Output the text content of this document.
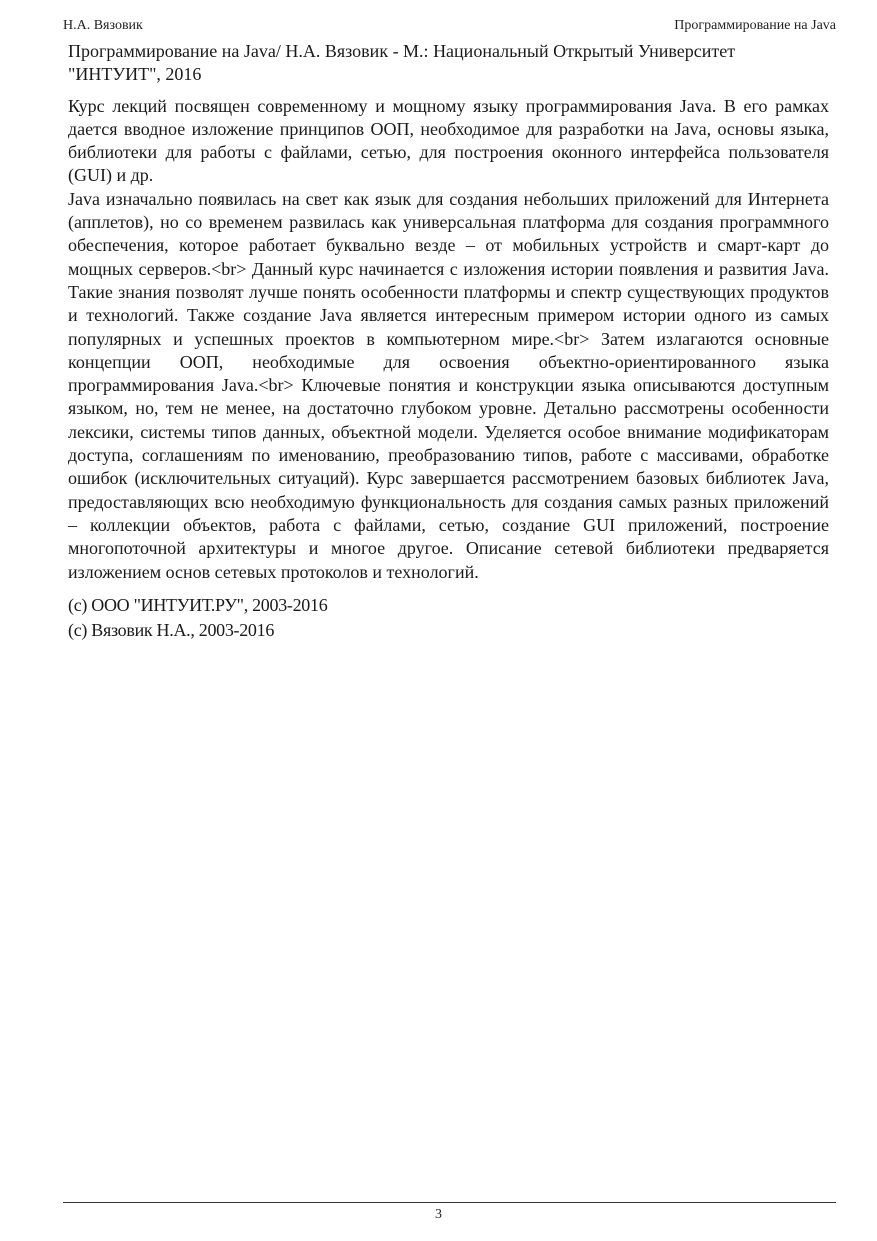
Н.А. Вязовик	Программирование на Java

Программирование на Java/ Н.А. Вязовик - М.: Национальный Открытый Университет "ИНТУИТ", 2016

Курс лекций посвящен современному и мощному языку программирования Java. В его рамках дается вводное изложение принципов ООП, необходимое для разработки на Java, основы языка, библиотеки для работы с файлами, сетью, для построения оконного интерфейса пользователя (GUI) и др.

Java изначально появилась на свет как язык для создания небольших приложений для Интернета (апплетов), но со временем развилась как универсальная платформа для создания программного обеспечения, которое работает буквально везде – от мобильных устройств и смарт-карт до мощных серверов.<br> Данный курс начинается с изложения истории появления и развития Java. Такие знания позволят лучше понять особенности платформы и спектр существующих продуктов и технологий. Также создание Java является интересным примером истории одного из самых популярных и успешных проектов в компьютерном мире.<br> Затем излагаются основные концепции ООП, необходимые для освоения объектно-ориентированного языка программирования Java.<br> Ключевые понятия и конструкции языка описываются доступным языком, но, тем не менее, на достаточно глубоком уровне. Детально рассмотрены особенности лексики, системы типов данных, объектной модели. Уделяется особое внимание модификаторам доступа, соглашениям по именованию, преобразованию типов, работе с массивами, обработке ошибок (исключительных ситуаций). Курс завершается рассмотрением базовых библиотек Java, предоставляющих всю необходимую функциональность для создания самых разных приложений – коллекции объектов, работа с файлами, сетью, создание GUI приложений, построение многопоточной архитектуры и многое другое. Описание сетевой библиотеки предваряется изложением основ сетевых протоколов и технологий.

(c) ООО "ИНТУИТ.РУ", 2003-2016

(c) Вязовик Н.А., 2003-2016

3
